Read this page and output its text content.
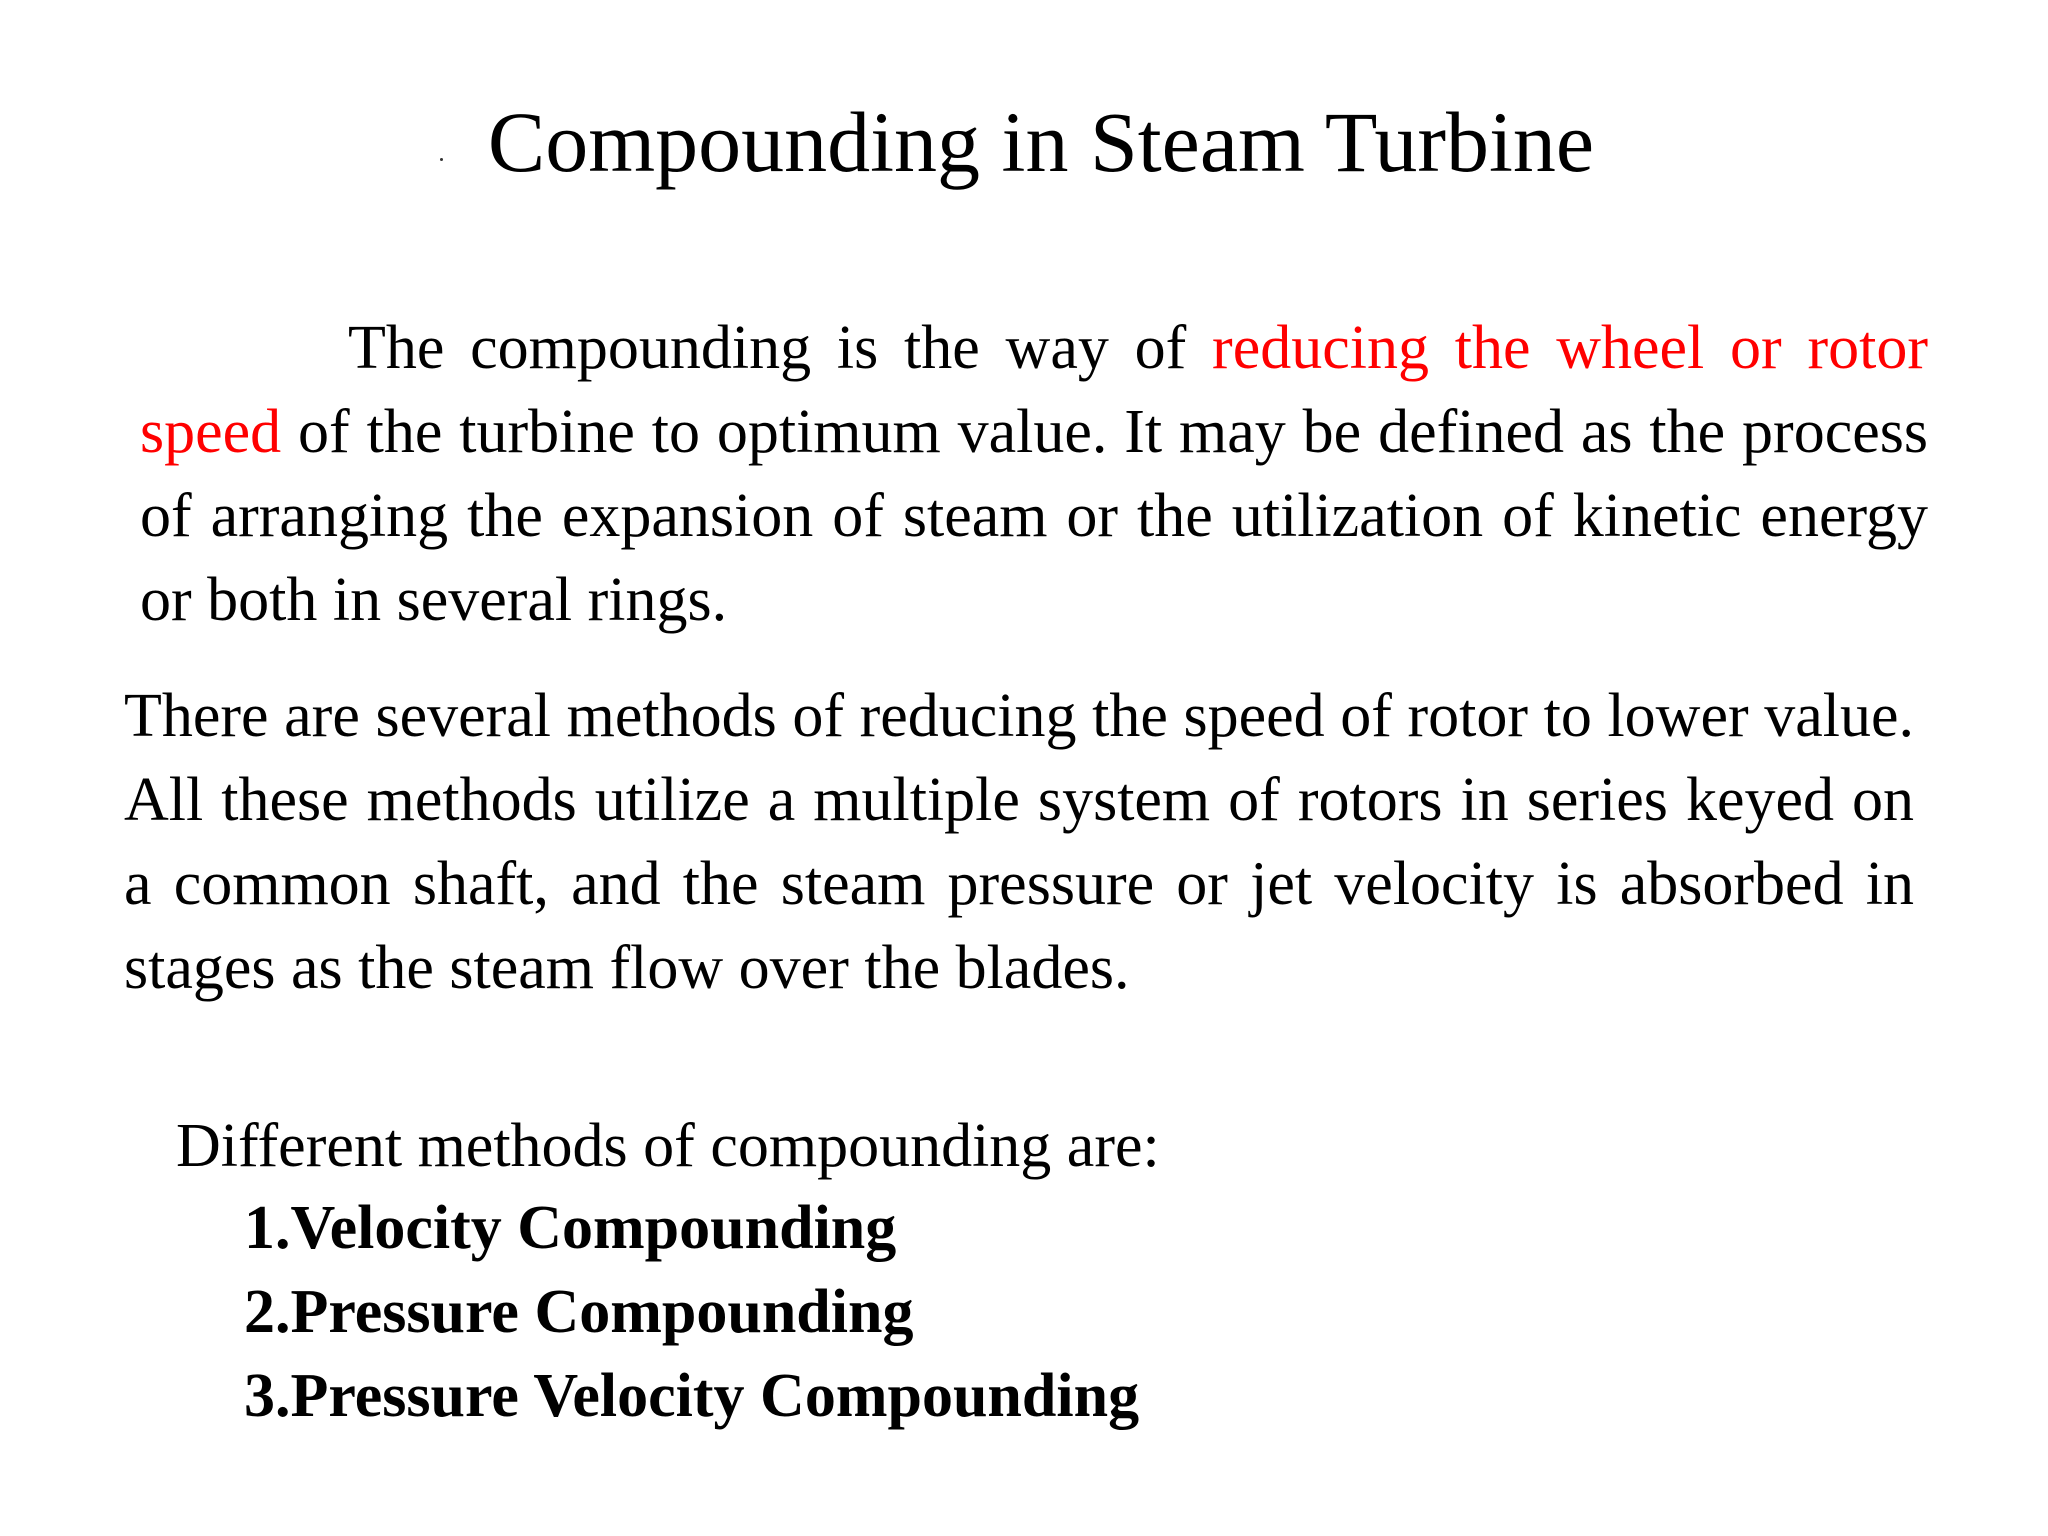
Compounding in Steam Turbine

The compounding is the way of reducing the wheel or rotor speed of the turbine to optimum value. It may be defined as the process of arranging the expansion of steam or the utilization of kinetic energy or both in several rings.

There are several methods of reducing the speed of rotor to lower value. All these methods utilize a multiple system of rotors in series keyed on a common shaft, and the steam pressure or jet velocity is absorbed in stages as the steam flow over the blades.

Different methods of compounding are:
1.Velocity Compounding
2.Pressure Compounding
3.Pressure Velocity Compounding
